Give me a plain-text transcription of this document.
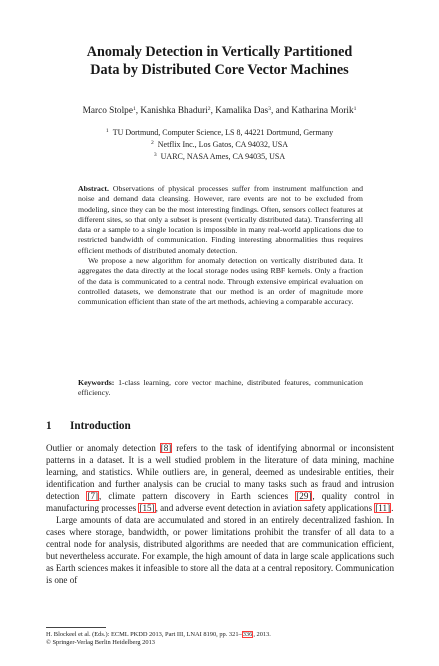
Anomaly Detection in Vertically Partitioned
Data by Distributed Core Vector Machines
Marco Stolpe$^1$, Kanishka Bhaduri$^2$, Kamalika Das$^3$, and Katharina Morik$^1$
$^1$ TU Dortmund, Computer Science, LS 8, 44221 Dortmund, Germany
$^2$ Netflix Inc., Los Gatos, CA 94032, USA
$^3$ UARC, NASA Ames, CA 94035, USA

Abstract. Observations of physical processes suffer from instrument malfunction and noise and demand data cleansing. However, rare events are not to be excluded from modeling, since they can be the most interesting findings. Often, sensors collect features at different sites, so that only a subset is present (vertically distributed data). Transferring all data or a sample to a single location is impossible in many real-world applications due to restricted bandwidth of communication. Finding interesting abnormalities thus requires efficient methods of distributed anomaly detection.

We propose a new algorithm for anomaly detection on vertically distributed data. It aggregates the data directly at the local storage nodes using RBF kernels. Only a fraction of the data is communicated to a central node. Through extensive empirical evaluation on controlled datasets, we demonstrate that our method is an order of magnitude more communication efficient than state of the art methods, achieving a comparable accuracy.

Keywords: 1-class learning, core vector machine, distributed features, communication efficiency.
1 Introduction

Outlier or anomaly detection [8] refers to the task of identifying abnormal or inconsistent patterns in a dataset. It is a well studied problem in the literature of data mining, machine learning, and statistics. While outliers are, in general, deemed as undesirable entities, their identification and further analysis can be crucial to many tasks such as fraud and intrusion detection [7], climate pattern discovery in Earth sciences [29], quality control in manufacturing processes [15], and adverse event detection in aviation safety applications [11].

Large amounts of data are accumulated and stored in an entirely decentralized fashion. In cases where storage, bandwidth, or power limitations prohibit the transfer of all data to a central node for analysis, distributed algorithms are needed that are communication efficient, but nevertheless accurate. For example, the high amount of data in large scale applications such as Earth sciences makes it infeasible to store all the data at a central repository. Communication is one of

H. Blockeel et al. (Eds.): ECML PKDD 2013, Part III, LNAI 8190, pp. 321–336, 2013.
© Springer-Verlag Berlin Heidelberg 2013
